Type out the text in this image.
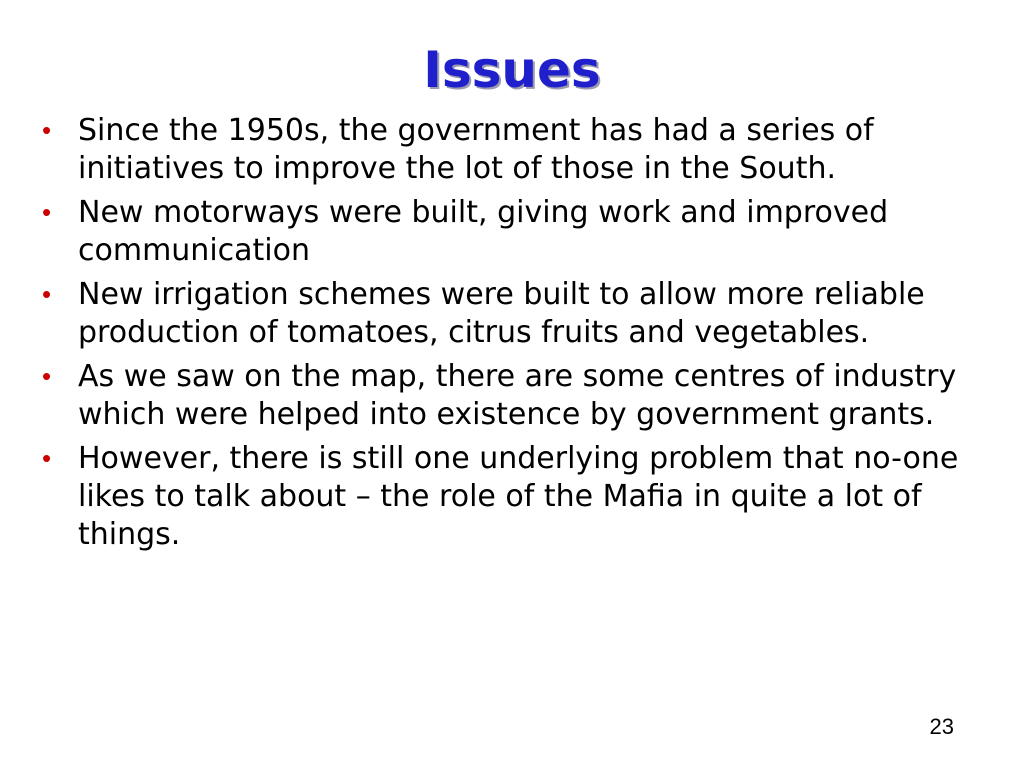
Issues
• Since the 1950s, the government has had a series of initiatives to improve the lot of those in the South.
• New motorways were built, giving work and improved communication
• New irrigation schemes were built to allow more reliable production of tomatoes, citrus fruits and vegetables.
• As we saw on the map, there are some centres of industry which were helped into existence by government grants.
• However, there is still one underlying problem that no-one likes to talk about – the role of the Mafia in quite a lot of things.
23
